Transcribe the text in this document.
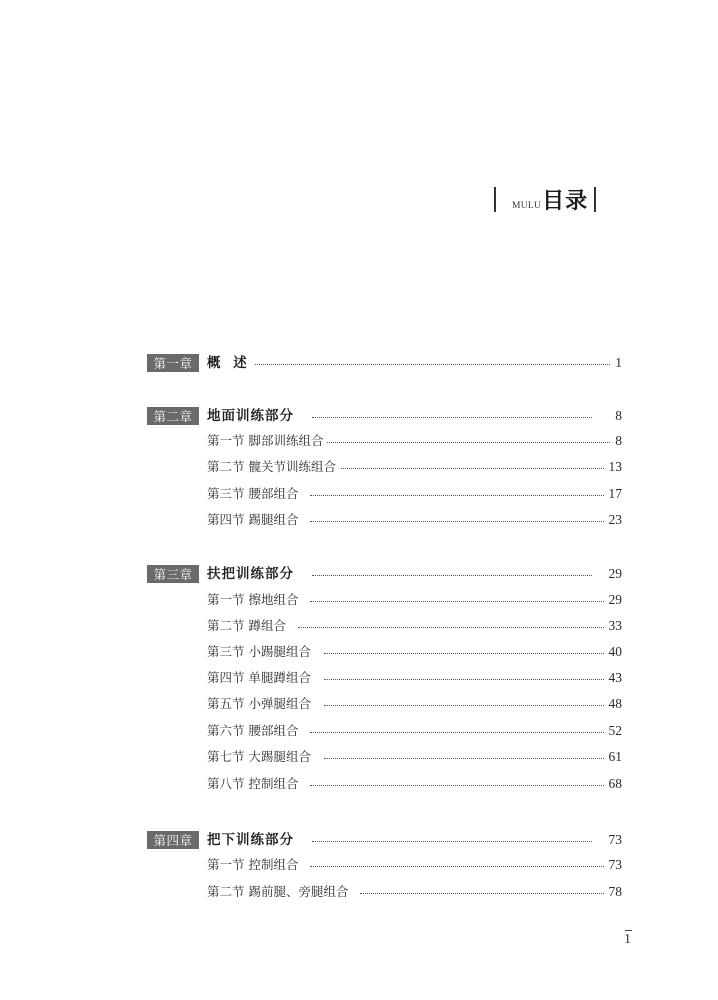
MULU 目录
第一章	概 述	1
第二章	地面训练部分	8
第一节 脚部训练组合	8
第二节 髋关节训练组合	13
第三节 腰部组合	17
第四节 踢腿组合	23
第三章	扶把训练部分	29
第一节 擦地组合	29
第二节 蹲组合	33
第三节 小踢腿组合	40
第四节 单腿蹲组合	43
第五节 小弹腿组合	48
第六节 腰部组合	52
第七节 大踢腿组合	61
第八节 控制组合	68
第四章	把下训练部分	73
第一节 控制组合	73
第二节 踢前腿、旁腿组合	78
1
